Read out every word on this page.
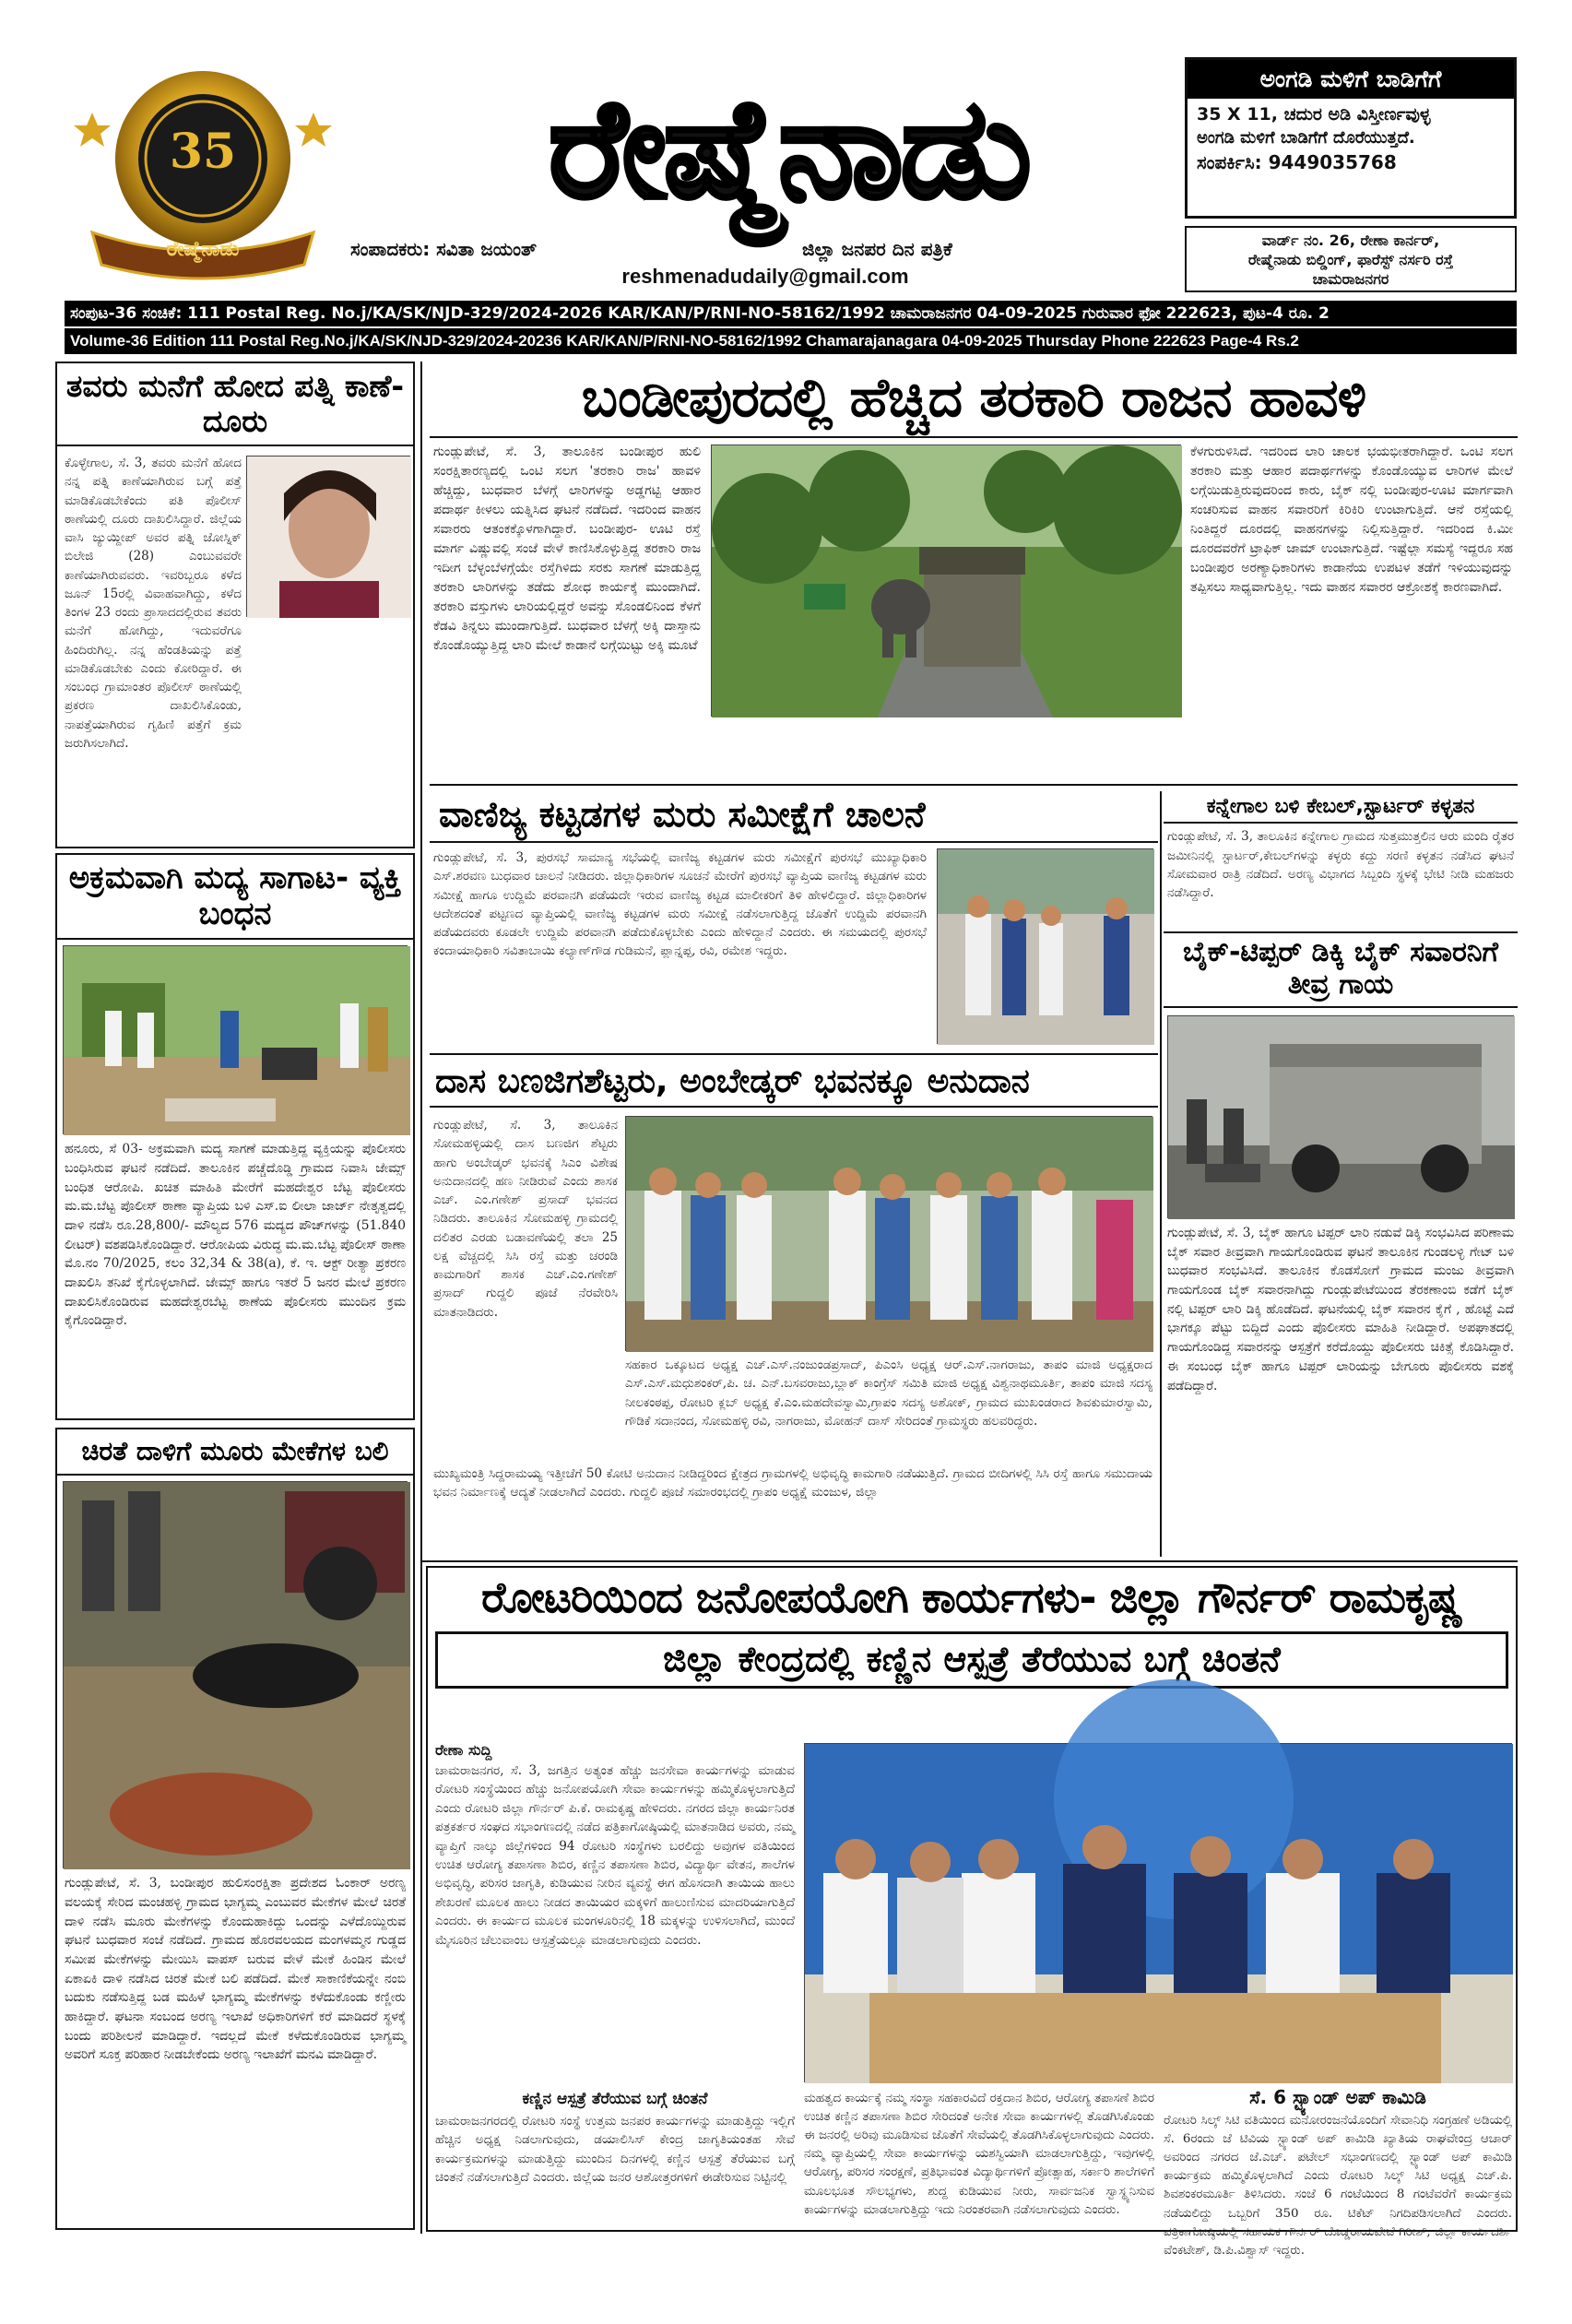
35
ರೇಷ್ಮೆನಾಡು
ರೇಷ್ಮೆನಾಡು
ಸಂಪಾದಕರು: ಸವಿತಾ ಜಯಂತ್	ಜಿಲ್ಲಾ ಜನಪರ ದಿನ ಪತ್ರಿಕೆ
reshmenadudaily@gmail.com
ಅಂಗಡಿ ಮಳಿಗೆ ಬಾಡಿಗೆಗೆ
35 X 11, ಚದುರ ಅಡಿ ವಿಸ್ತೀರ್ಣವುಳ್ಳ
ಅಂಗಡಿ ಮಳಿಗೆ ಬಾಡಿಗೆಗೆ ದೊರೆಯುತ್ತದೆ.
ಸಂಪರ್ಕಿಸಿ: 9449035768
ವಾರ್ಡ್ ನಂ. 26, ರೇಣಾ ಕಾರ್ನರ್,
ರೇಷ್ಮೆನಾಡು ಬಿಲ್ಡಿಂಗ್, ಫಾರೆಸ್ಟ್ ನರ್ಸರಿ ರಸ್ತೆ
ಚಾಮರಾಜನಗರ
ಸಂಪುಟ-36 ಸಂಚಿಕೆ: 111 Postal Reg. No.j/KA/SK/NJD-329/2024-2026 KAR/KAN/P/RNI-NO-58162/1992 ಚಾಮರಾಜನಗರ 04-09-2025 ಗುರುವಾರ ಫೋ 222623, ಪುಟ-4 ರೂ. 2
Volume-36 Edition 111 Postal Reg.No.j/KA/SK/NJD-329/2024-20236 KAR/KAN/P/RNI-NO-58162/1992 Chamarajanagara 04-09-2025 Thursday Phone 222623 Page-4 Rs.2
ತವರು ಮನೆಗೆ ಹೋದ ಪತ್ನಿ ಕಾಣೆ-ದೂರು
ಕೊಳ್ಳೇಗಾಲ, ಸೆ. 3, ತವರು ಮನೆಗೆ ಹೋದ ನನ್ನ ಪತ್ನಿ ಕಾಣೆಯಾಗಿರುವ ಬಗ್ಗೆ ಪತ್ತೆ ಮಾಡಿಕೊಡಬೇಕೆಂದು ಪತಿ ಪೊಲೀಸ್ ಠಾಣೆಯಲ್ಲಿ ದೂರು ದಾಖಲಿಸಿದ್ದಾರೆ. ಜಿಲ್ಲೆಯ ವಾಸಿ ಜ್ಯುಯ್ದೀಪ್ ಅವರ ಪತ್ನಿ ಜೋಸ್ನಿಕ್ ಬಿಲೇಜಿ (28) ಎಂಬುವವರೇ ಕಾಣೆಯಾಗಿರುವವರು. ಇವರಿಬ್ಬರೂ ಕಳೆದ ಜೂನ್ 15ರಲ್ಲಿ ವಿವಾಹವಾಗಿದ್ದು, ಕಳೆದ ತಿಂಗಳ 23 ರಂದು ಪ್ರಾಸಾದದಲ್ಲಿರುವ ತವರು ಮನೆಗೆ ಹೋಗಿದ್ದು, ಇದುವರೆಗೂ ಹಿಂದಿರುಗಿಲ್ಲ. ನನ್ನ ಹೆಂಡತಿಯನ್ನು ಪತ್ತೆ ಮಾಡಿಕೊಡಬೇಕು ಎಂದು ಕೋರಿದ್ದಾರೆ. ಈ ಸಂಬಂಧ ಗ್ರಾಮಾಂತರ ಪೊಲೀಸ್ ಠಾಣೆಯಲ್ಲಿ ಪ್ರಕರಣ ದಾಖಲಿಸಿಕೊಂಡು, ನಾಪತ್ತೆಯಾಗಿರುವ ಗೃಹಿಣಿ ಪತ್ತೆಗೆ ಕ್ರಮ ಜರುಗಿಸಲಾಗಿದೆ.
ಅಕ್ರಮವಾಗಿ ಮದ್ಯ ಸಾಗಾಟ- ವ್ಯಕ್ತಿ ಬಂಧನ
ಹನೂರು, ಸೆ 03- ಅಕ್ರಮವಾಗಿ ಮದ್ಯ ಸಾಗಣೆ ಮಾಡುತ್ತಿದ್ದ ವ್ಯಕ್ತಿಯನ್ನು ಪೊಲೀಸರು ಬಂಧಿಸಿರುವ ಘಟನೆ ನಡೆದಿದೆ. ತಾಲೂಕಿನ ಪಚ್ಚೆದೊಡ್ಡಿ ಗ್ರಾಮದ ನಿವಾಸಿ ಜೇಮ್ಸ್ ಬಂಧಿತ ಆರೋಪಿ. ಖಚಿತ ಮಾಹಿತಿ ಮೇರೆಗೆ ಮಹದೇಶ್ವರ ಬೆಟ್ಟ ಪೊಲೀಸರು ಮ.ಮ.ಬೆಟ್ಟ ಪೊಲೀಸ್ ಠಾಣಾ ವ್ಯಾಪ್ತಿಯ ಬಳಿ ಎಸ್.ಐ ಲೀಲಾ ಜಾರ್ಜ್ ನೇತೃತ್ವದಲ್ಲಿ ದಾಳಿ ನಡೆಸಿ ರೂ.28,800/- ಮೌಲ್ಯದ 576 ಮದ್ಯದ ಪೌಚ್‌ಗಳನ್ನು (51.840 ಲೀಟರ್) ವಶಪಡಿಸಿಕೊಂಡಿದ್ದಾರೆ. ಆರೋಪಿಯ ವಿರುದ್ಧ ಮ.ಮ.ಬೆಟ್ಟ ಪೊಲೀಸ್ ಠಾಣಾ ಮೊ.ನಂ 70/2025, ಕಲಂ 32,34 & 38(a), ಕೆ. ಇ. ಆಕ್ಟ್ ರೀತ್ಯಾ ಪ್ರಕರಣ ದಾಖಲಿಸಿ ತನಿಖೆ ಕೈಗೊಳ್ಳಲಾಗಿದೆ. ಜೇಮ್ಸ್ ಹಾಗೂ ಇತರೆ 5 ಜನರ ಮೇಲೆ ಪ್ರಕರಣ ದಾಖಲಿಸಿಕೊಂಡಿರುವ ಮಹದೇಶ್ವರಬೆಟ್ಟ ಠಾಣೆಯ ಪೊಲೀಸರು ಮುಂದಿನ ಕ್ರಮ ಕೈಗೊಂಡಿದ್ದಾರೆ.
ಚಿರತೆ ದಾಳಿಗೆ ಮೂರು ಮೇಕೆಗಳ ಬಲಿ
ಗುಂಡ್ಲುಪೇಟೆ, ಸೆ. 3, ಬಂಡೀಪುರ ಹುಲಿಸಂರಕ್ಷಿತಾ ಪ್ರದೇಶದ ಓಂಕಾರ್ ಅರಣ್ಯ ವಲಯಕ್ಕೆ ಸೇರಿದ ಮಂಚಹಳ್ಳಿ ಗ್ರಾಮದ ಭಾಗ್ಯಮ್ಮ ಎಂಬುವರ ಮೇಕೆಗಳ ಮೇಲೆ ಚಿರತೆ ದಾಳಿ ನಡೆಸಿ ಮೂರು ಮೇಕೆಗಳನ್ನು ಕೊಂದುಹಾಕಿದ್ದು ಒಂದನ್ನು ಎಳೆದೊಯ್ದಿರುವ ಘಟನೆ ಬುಧವಾರ ಸಂಜೆ ನಡೆದಿದೆ. ಗ್ರಾಮದ ಹೊರವಲಯದ ಮಂಗಳಮ್ಮನ ಗುಡ್ಡದ ಸಮೀಪ ಮೇಕೆಗಳನ್ನು ಮೇಯಿಸಿ ವಾಪಸ್ ಬರುವ ವೇಳೆ ಮೇಕೆ ಹಿಂಡಿನ ಮೇಲೆ ಏಕಾಏಕಿ ದಾಳಿ ನಡೆಸಿದ ಚಿರತೆ ಮೇಕೆ ಬಲಿ ಪಡೆದಿದೆ. ಮೇಕೆ ಸಾಕಾಣಿಕೆಯನ್ನೇ ನಂಬಿ ಬದುಕು ನಡೆಸುತ್ತಿದ್ದ ಬಡ ಮಹಿಳೆ ಭಾಗ್ಯಮ್ಮ ಮೇಕೆಗಳನ್ನು ಕಳೆದುಕೊಂಡು ಕಣ್ಣೀರು ಹಾಕಿದ್ದಾರೆ. ಘಟನಾ ಸಂಬಂದ ಅರಣ್ಯ ಇಲಾಖೆ ಅಧಿಕಾರಿಗಳಿಗೆ ಕರೆ ಮಾಡಿದರೆ ಸ್ಥಳಕ್ಕೆ ಬಂದು ಪರಿಶೀಲನೆ ಮಾಡಿದ್ದಾರೆ. ಇದಲ್ಲದೆ ಮೇಕೆ ಕಳೆದುಕೊಂಡಿರುವ ಭಾಗ್ಯಮ್ಮ ಅವರಿಗೆ ಸೂಕ್ತ ಪರಿಹಾರ ನೀಡಬೇಕೆಂದು ಅರಣ್ಯ ಇಲಾಖೆಗೆ ಮನವಿ ಮಾಡಿದ್ದಾರೆ.
ಬಂಡೀಪುರದಲ್ಲಿ ಹೆಚ್ಚಿದ ತರಕಾರಿ ರಾಜನ ಹಾವಳಿ
ಗುಂಡ್ಲುಪೇಟೆ, ಸೆ. 3, ತಾಲೂಕಿನ ಬಂಡೀಪುರ ಹುಲಿ ಸಂರಕ್ಷಿತಾರಣ್ಯದಲ್ಲಿ ಒಂಟಿ ಸಲಗ 'ತರಕಾರಿ ರಾಜ' ಹಾವಳಿ ಹೆಚ್ಚಿದ್ದು, ಬುಧವಾರ ಬೆಳಗ್ಗೆ ಲಾರಿಗಳನ್ನು ಅಡ್ಡಗಟ್ಟಿ ಆಹಾರ ಪದಾರ್ಥ ಕೀಳಲು ಯತ್ನಿಸಿದ ಘಟನೆ ನಡೆದಿದೆ. ಇದರಿಂದ ವಾಹನ ಸವಾರರು ಆತಂಕಕ್ಕೊಳಗಾಗಿದ್ದಾರೆ. ಬಂಡೀಪುರ- ಊಟಿ ರಸ್ತೆ ಮಾರ್ಗ ವಿಷ್ಣುವಲ್ಲಿ ಸಂಜೆ ವೇಳೆ ಕಾಣಿಸಿಕೊಳ್ಳುತ್ತಿದ್ದ ತರಕಾರಿ ರಾಜ ಇದೀಗ ಬೆಳ್ಳಂಬೆಳಗ್ಗೆಯೇ ರಸ್ತೆಗಿಳಿದು ಸರಕು ಸಾಗಣೆ ಮಾಡುತ್ತಿದ್ದ ತರಕಾರಿ ಲಾರಿಗಳನ್ನು ತಡೆದು ಶೋಧ ಕಾರ್ಯಕ್ಕೆ ಮುಂದಾಗಿದೆ. ತರಕಾರಿ ವಸ್ತುಗಳು ಲಾರಿಯಲ್ಲಿದ್ದರೆ ಅವನ್ನು ಸೊಂಡಲಿನಿಂದ ಕೆಳಗೆ ಕೆಡವಿ ತಿನ್ನಲು ಮುಂದಾಗುತ್ತಿದೆ. ಬುಧವಾರ ಬೆಳಗ್ಗೆ ಅಕ್ಕಿ ದಾಸ್ತಾನು ಕೊಂಡೊಯ್ಯುತ್ತಿದ್ದ ಲಾರಿ ಮೇಲೆ ಕಾಡಾನೆ ಲಗ್ಗೆಯಿಟ್ಟು ಅಕ್ಕಿ ಮೂಟೆ
ಕೆಳಗುರುಳಿಸಿದೆ. ಇದರಿಂದ ಲಾರಿ ಚಾಲಕ ಭಯಭೀತರಾಗಿದ್ದಾರೆ. ಒಂಟಿ ಸಲಗ ತರಕಾರಿ ಮತ್ತು ಆಹಾರ ಪದಾರ್ಥಗಳನ್ನು ಕೊಂಡೊಯ್ಯುವ ಲಾರಿಗಳ ಮೇಲೆ ಲಗ್ಗೆಯಿಡುತ್ತಿರುವುದರಿಂದ ಕಾರು, ಬೈಕ್ ನಲ್ಲಿ ಬಂಡೀಪುರ-ಊಟಿ ಮಾರ್ಗವಾಗಿ ಸಂಚರಿಸುವ ವಾಹನ ಸವಾರರಿಗೆ ಕಿರಿಕಿರಿ ಉಂಟಾಗುತ್ತಿದೆ. ಆನೆ ರಸ್ತೆಯಲ್ಲಿ ನಿಂತಿದ್ದರೆ ದೂರದಲ್ಲಿ ವಾಹನಗಳನ್ನು ನಿಲ್ಲಿಸುತ್ತಿದ್ದಾರೆ. ಇದರಿಂದ ಕಿ.ಮೀ ದೂರದವರೆಗೆ ಟ್ರಾಫಿಕ್ ಜಾಮ್ ಉಂಟಾಗುತ್ತಿದೆ. ಇಷ್ಟೆಲ್ಲಾ ಸಮಸ್ಯೆ ಇದ್ದರೂ ಸಹ ಬಂಡೀಪುರ ಅರಣ್ಯಾಧಿಕಾರಿಗಳು ಕಾಡಾನೆಯ ಉಪಟಳ ತಡೆಗೆ ಇಳಿಯುವುದನ್ನು ತಪ್ಪಿಸಲು ಸಾಧ್ಯವಾಗುತ್ತಿಲ್ಲ. ಇದು ವಾಹನ ಸವಾರರ ಆಕ್ರೋಶಕ್ಕೆ ಕಾರಣವಾಗಿದೆ.
ವಾಣಿಜ್ಯ ಕಟ್ಟಡಗಳ ಮರು ಸಮೀಕ್ಷೆಗೆ ಚಾಲನೆ
ಗುಂಡ್ಲುಪೇಟೆ, ಸೆ. 3, ಪುರಸಭೆ ಸಾಮಾನ್ಯ ಸಭೆಯಲ್ಲಿ ವಾಣಿಜ್ಯ ಕಟ್ಟಡಗಳ ಮರು ಸಮೀಕ್ಷೆಗೆ ಪುರಸಭೆ ಮುಖ್ಯಾಧಿಕಾರಿ ಎಸ್.ಶರವಣ ಬುಧವಾರ ಚಾಲನೆ ನೀಡಿದರು. ಜಿಲ್ಲಾಧಿಕಾರಿಗಳ ಸೂಚನೆ ಮೇರೆಗೆ ಪುರಸಭೆ ವ್ಯಾಪ್ತಿಯ ವಾಣಿಜ್ಯ ಕಟ್ಟಡಗಳ ಮರು ಸಮೀಕ್ಷೆ ಹಾಗೂ ಉದ್ದಿಮೆ ಪರವಾನಗಿ ಪಡೆಯದೇ ಇರುವ ವಾಣಿಜ್ಯ ಕಟ್ಟಡ ಮಾಲೀಕರಿಗೆ ತಿಳಿ ಹೇಳಲಿದ್ದಾರೆ. ಜಿಲ್ಲಾಧಿಕಾರಿಗಳ ಆದೇಶದಂತೆ ಪಟ್ಟಣದ ವ್ಯಾಪ್ತಿಯಲ್ಲಿ ವಾಣಿಜ್ಯ ಕಟ್ಟಡಗಳ ಮರು ಸಮೀಕ್ಷೆ ನಡೆಸಲಾಗುತ್ತಿದ್ದ ಜೊತೆಗೆ ಉದ್ದಿಮೆ ಪರವಾನಗಿ ಪಡೆಯದವರು ಕೂಡಲೇ ಉದ್ದಿಮೆ ಪರವಾನಗಿ ಪಡೆದುಕೊಳ್ಳಬೇಕು ಎಂದು ಹೇಳಿದ್ದಾನೆ ಎಂದರು. ಈ ಸಮಯದಲ್ಲಿ ಪುರಸಭೆ ಕಂದಾಯಾಧಿಕಾರಿ ಸವಿತಾಬಾಯಿ ಕಲ್ಯಾಣ್‌ಗೌಡ ಗುಡಿಮನೆ, ಪ್ಲಾನ್ನಪ್ಪ, ರವಿ, ರಮೇಶ ಇದ್ದರು.
ಕನ್ನೇಗಾಲ ಬಳಿ ಕೇಬಲ್,ಸ್ಟಾರ್ಟರ್ ಕಳ್ಳತನ
ಗುಂಡ್ಲುಪೇಟೆ, ಸೆ. 3, ತಾಲೂಕಿನ ಕನ್ನೇಗಾಲ ಗ್ರಾಮದ ಸುತ್ತಮುತ್ತಲಿನ ಆರು ಮಂದಿ ರೈತರ ಜಮೀನಿನಲ್ಲಿ ಸ್ಟಾರ್ಟರ್,ಕೇಬಲ್‌ಗಳನ್ನು ಕಳ್ಳರು ಕದ್ದು ಸರಣಿ ಕಳ್ಳತನ ನಡೆಸಿದ ಘಟನೆ ಸೋಮವಾರ ರಾತ್ರಿ ನಡೆದಿದೆ. ಅರಣ್ಯ ವಿಭಾಗದ ಸಿಬ್ಬಂದಿ ಸ್ಥಳಕ್ಕೆ ಭೇಟಿ ನೀಡಿ ಮಹಜರು ನಡೆಸಿದ್ದಾರೆ.
ಬೈಕ್-ಟಿಪ್ಪರ್ ಡಿಕ್ಕಿ ಬೈಕ್ ಸವಾರನಿಗೆ ತೀವ್ರ ಗಾಯ
ಗುಂಡ್ಲುಪೇಟೆ, ಸೆ. 3, ಬೈಕ್ ಹಾಗೂ ಟಿಪ್ಪರ್ ಲಾರಿ ನಡುವೆ ಡಿಕ್ಕಿ ಸಂಭವಿಸಿದ ಪರಿಣಾಮ ಬೈಕ್ ಸವಾರ ತೀವ್ರವಾಗಿ ಗಾಯಗೊಂಡಿರುವ ಘಟನೆ ತಾಲೂಕಿನ ಗುಂಡಲಳ್ಳಿ ಗೇಟ್ ಬಳಿ ಬುಧವಾರ ಸಂಭವಿಸಿದೆ. ತಾಲೂಕಿನ ಕೊಡಸೋಗೆ ಗ್ರಾಮದ ಮಂಜು ತೀವ್ರವಾಗಿ ಗಾಯಗೊಂಡ ಬೈಕ್ ಸವಾರನಾಗಿದ್ದು ಗುಂಡ್ಲುಪೇಟೆಯಿಂದ ತೆರಕಣಾಂಬಿ ಕಡೆಗೆ ಬೈಕ್ ನಲ್ಲಿ ಟಿಪ್ಪರ್ ಲಾರಿ ಡಿಕ್ಕಿ ಹೊಡೆದಿದೆ. ಘಟನೆಯಲ್ಲಿ ಬೈಕ್ ಸವಾರನ ಕೈಗೆ , ಹೊಟ್ಟೆ ಎದೆ ಭಾಗಕ್ಕೂ ಪೆಟ್ಟು ಬಿದ್ದಿದೆ ಎಂದು ಪೊಲೀಸರು ಮಾಹಿತಿ ನೀಡಿದ್ದಾರೆ. ಅಪಘಾತದಲ್ಲಿ ಗಾಯಗೊಂಡಿದ್ದ ಸವಾರನನ್ನು ಆಸ್ಪತ್ರೆಗೆ ಕರೆದೊಯ್ದು ಪೊಲೀಸರು ಚಿಕಿತ್ಸೆ ಕೊಡಿಸಿದ್ದಾರೆ. ಈ ಸಂಬಂಧ ಬೈಕ್ ಹಾಗೂ ಟಿಪ್ಪರ್ ಲಾರಿಯನ್ನು ಬೇಗೂರು ಪೊಲೀಸರು ವಶಕ್ಕೆ ಪಡೆದಿದ್ದಾರೆ.
ದಾಸ ಬಣಜಿಗಶೆಟ್ಟರು, ಅಂಬೇಡ್ಕರ್ ಭವನಕ್ಕೂ ಅನುದಾನ
ಗುಂಡ್ಲುಪೇಟೆ, ಸೆ. 3, ತಾಲೂಕಿನ ಸೋಮಹಳ್ಳಿಯಲ್ಲಿ ದಾಸ ಬಣಜಿಗ ಶೆಟ್ಟರು ಹಾಗು ಅಂಬೇಡ್ಕರ್ ಭವನಕ್ಕೆ ಸಿಎಂ ವಿಶೇಷ ಅನುದಾನದಲ್ಲಿ ಹಣ ನೀಡಿರುವೆ ಎಂದು ಶಾಸಕ ಎಚ್. ಎಂ.ಗಣೇಶ್ ಪ್ರಸಾದ್ ಭವನದ ನಿಡಿದರು. ತಾಲೂಕಿನ ಸೋಮಹಳ್ಳಿ ಗ್ರಾಮದಲ್ಲಿ ದಲಿತರ ಎರಡು ಬಡಾವಣೆಯಲ್ಲಿ ತಲಾ 25 ಲಕ್ಷ ವೆಚ್ಚದಲ್ಲಿ ಸಿಸಿ ರಸ್ತೆ ಮತ್ತು ಚರಂಡಿ ಕಾಮಗಾರಿಗೆ ಶಾಸಕ ಎಚ್.ಎಂ.ಗಣೇಶ್ ಪ್ರಸಾದ್ ಗುದ್ದಲಿ ಪೂಜೆ ನೆರವೇರಿಸಿ ಮಾತನಾಡಿದರು.
ಸಹಕಾರ ಒಕ್ಕೂಟದ ಅಧ್ಯಕ್ಷ ಎಚ್.ಎಸ್.ನಂಜುಂಡಪ್ರಸಾದ್, ಪಿಎಂಸಿ ಅಧ್ಯಕ್ಷ ಆರ್.ಎಸ್.ನಾಗರಾಜು, ತಾಪಂ ಮಾಜಿ ಅಧ್ಯಕ್ಷರಾದ ಎಸ್.ಎಸ್.ಮಧುಶಂಕರ್,ಪಿ. ಚ. ಎನ್.ಬಸವರಾಜು,ಬ್ಲಾಕ್ ಕಾಂಗ್ರೆಸ್ ಸಮಿತಿ ಮಾಜಿ ಅಧ್ಯಕ್ಷ ವಿಶ್ವನಾಥಮೂರ್ತಿ, ತಾಪಂ ಮಾಜಿ ಸದಸ್ಯ ನೀಲಕಂಠಪ್ಪ, ರೋಟರಿ ಕ್ಲಬ್ ಅಧ್ಯಕ್ಷ ಕೆ.ಎಂ.ಮಹದೇವಸ್ವಾಮಿ,ಗ್ರಾಪಂ ಸದಸ್ಯ ಅಶೋಕ್, ಗ್ರಾಮದ ಮುಖಂಡರಾದ ಶಿವಕುಮಾರಸ್ವಾಮಿ, ಗೌಡಿಕೆ ಸದಾನಂದ, ಸೋಮಹಳ್ಳಿ ರವಿ, ನಾಗರಾಜು, ಮೋಹನ್ ದಾಸ್ ಸೇರಿದಂತೆ ಗ್ರಾಮಸ್ಥರು ಹಲವರಿದ್ದರು.
ಮುಖ್ಯಮಂತ್ರಿ ಸಿದ್ದರಾಮಯ್ಯ ಇತ್ತೀಚೆಗೆ 50 ಕೋಟಿ ಅನುದಾನ ನೀಡಿದ್ದರಿಂದ ಕ್ಷೇತ್ರದ ಗ್ರಾಮಗಳಲ್ಲಿ ಅಭಿವೃದ್ಧಿ ಕಾಮಗಾರಿ ನಡೆಯುತ್ತಿದೆ. ಗ್ರಾಮದ ಬೀದಿಗಳಲ್ಲಿ ಸಿಸಿ ರಸ್ತೆ ಹಾಗೂ ಸಮುದಾಯ ಭವನ ನಿರ್ಮಾಣಕ್ಕೆ ಆದ್ಯತೆ ನೀಡಲಾಗಿದೆ ಎಂದರು. ಗುದ್ದಲಿ ಪೂಜೆ ಸಮಾರಂಭದಲ್ಲಿ ಗ್ರಾಪಂ ಅಧ್ಯಕ್ಷೆ ಮಂಜುಳ, ಜಿಲ್ಲಾ
ರೋಟರಿಯಿಂದ ಜನೋಪಯೋಗಿ ಕಾರ್ಯಗಳು- ಜಿಲ್ಲಾ ಗೌರ್ನರ್ ರಾಮಕೃಷ್ಣ
ಜಿಲ್ಲಾ ಕೇಂದ್ರದಲ್ಲಿ ಕಣ್ಣಿನ ಆಸ್ಪತ್ರೆ ತೆರೆಯುವ ಬಗ್ಗೆ ಚಿಂತನೆ
ರೇಣಾ ಸುದ್ದಿ
ಚಾಮರಾಜನಗರ, ಸೆ. 3, ಜಗತ್ತಿನ ಅತ್ಯಂತ ಹೆಚ್ಚು ಜನಸೇವಾ ಕಾರ್ಯಗಳನ್ನು ಮಾಡುವ ರೋಟರಿ ಸಂಸ್ಥೆಯಿಂದ ಹೆಚ್ಚು ಜನೋಪಯೋಗಿ ಸೇವಾ ಕಾರ್ಯಗಳನ್ನು ಹಮ್ಮಿಕೊಳ್ಳಲಾಗುತ್ತಿದೆ ಎಂದು ರೋಟರಿ ಜಿಲ್ಲಾ ಗೌರ್ನರ್ ಪಿ.ಕೆ. ರಾಮಕೃಷ್ಣ ಹೇಳಿದರು. ನಗರದ ಜಿಲ್ಲಾ ಕಾರ್ಯನಿರತ ಪತ್ರಕರ್ತರ ಸಂಘದ ಸಭಾಂಗಣದಲ್ಲಿ ನಡೆದ ಪತ್ರಿಕಾಗೋಷ್ಠಿಯಲ್ಲಿ ಮಾತನಾಡಿದ ಅವರು, ನಮ್ಮ ವ್ಯಾಪ್ತಿಗೆ ನಾಲ್ಕು ಜಿಲ್ಲೆಗಳಿಂದ 94 ರೋಟರಿ ಸಂಸ್ಥೆಗಳು ಬರಲಿದ್ದು ಅವುಗಳ ವತಿಯಿಂದ ಉಚಿತ ಆರೋಗ್ಯ ತಪಾಸಣಾ ಶಿಬಿರ, ಕಣ್ಣಿನ ತಪಾಸಣಾ ಶಿಬಿರ, ವಿದ್ಯಾರ್ಥಿ ವೇತನ, ಶಾಲೆಗಳ ಅಭಿವೃದ್ಧಿ, ಪರಿಸರ ಜಾಗೃತಿ, ಕುಡಿಯುವ ನೀರಿನ ವ್ಯವಸ್ಥೆ ಈಗ ಹೊಸದಾಗಿ ತಾಯಿಯ ಹಾಲು ಶೇಖರಣೆ ಮೂಲಕ ಹಾಲು ನೀಡದ ತಾಯಿಯರ ಮಕ್ಕಳಿಗೆ ಹಾಲುಣಿಸುವ ಮಾದರಿಯಾಗುತ್ತಿದೆ ಎಂದರು. ಈ ಕಾರ್ಯದ ಮೂಲಕ ಮಂಗಳೂರಿನಲ್ಲಿ 18 ಮಕ್ಕಳನ್ನು ಉಳಿಸಲಾಗಿದೆ, ಮುಂದೆ ಮೈಸೂರಿನ ಚೆಲುವಾಂಬ ಆಸ್ಪತ್ರೆಯಲ್ಲೂ ಮಾಡಲಾಗುವುದು ಎಂದರು.
ಕಣ್ಣಿನ ಆಸ್ಪತ್ರೆ ತೆರೆಯುವ ಬಗ್ಗೆ ಚಿಂತನೆ
ಚಾಮರಾಜನಗರದಲ್ಲಿ ರೋಟರಿ ಸಂಸ್ಥೆ ಉತ್ತಮ ಜನಪರ ಕಾರ್ಯಗಳನ್ನು ಮಾಡುತ್ತಿದ್ದು ಇಲ್ಲಿಗೆ ಹೆಚ್ಚಿನ ಅಧ್ಯಕ್ಷ ನಿಡಲಾಗುವುದು, ಡಯಾಲಿಸಿಸ್ ಕೇಂದ್ರ ಜಾಗೃತಿಯಂತಹ ಸೇವೆ ಕಾರ್ಯಕ್ರಮಗಳನ್ನು ಮಾಡುತ್ತಿದ್ದು ಮುಂದಿನ ದಿನಗಳಲ್ಲಿ ಕಣ್ಣಿನ ಆಸ್ಪತ್ರೆ ತೆರೆಯುವ ಬಗ್ಗೆ ಚಿಂತನೆ ನಡೆಸಲಾಗುತ್ತಿದೆ ಎಂದರು. ಜಿಲ್ಲೆಯ ಜನರ ಆಶೋತ್ತರಗಳಿಗೆ ಈಡೇರಿಸುವ ನಿಟ್ಟಿನಲ್ಲಿ
ಮಹತ್ವದ ಕಾರ್ಯಕ್ಕೆ ನಮ್ಮ ಸಂಸ್ಥಾ ಸಹಕಾರವಿದೆ ರಕ್ತದಾನ ಶಿಬಿರ, ಆರೋಗ್ಯ ತಪಾಸಣೆ ಶಿಬಿರ ಉಚಿತ ಕಣ್ಣಿನ ತಪಾಸಣಾ ಶಿಬಿರ ಸೇರಿದಂತೆ ಅನೇಕ ಸೇವಾ ಕಾರ್ಯಗಳಲ್ಲಿ ತೊಡಗಿಸಿಕೊಂಡು ಈ ಜನರಲ್ಲಿ ಅರಿವು ಮೂಡಿಸುವ ಜೊತೆಗೆ ಸೇವೆಯಲ್ಲಿ ತೊಡಗಿಸಿಕೊಳ್ಳಲಾಗುವುದು ಎಂದರು. ನಮ್ಮ ವ್ಯಾಪ್ತಿಯಲ್ಲಿ ಸೇವಾ ಕಾರ್ಯಗಳನ್ನು ಯಶಸ್ವಿಯಾಗಿ ಮಾಡಲಾಗುತ್ತಿದ್ದು, ಇವುಗಳಲ್ಲಿ ಆರೋಗ್ಯ, ಪರಿಸರ ಸಂರಕ್ಷಣೆ, ಪ್ರತಿಭಾವಂತ ವಿದ್ಯಾರ್ಥಿಗಳಿಗೆ ಪ್ರೋತ್ಸಾಹ, ಸರ್ಕಾರಿ ಶಾಲೆಗಳಿಗೆ ಮೂಲಭೂತ ಸೌಲಭ್ಯಗಳು, ಶುದ್ದ ಕುಡಿಯುವ ನೀರು, ಸಾರ್ವಜನಿಕ ಸ್ವಾಸ್ಥ್ಯನಿಸುವ ಕಾರ್ಯಗಳನ್ನು ಮಾಡಲಾಗುತ್ತಿದ್ದು ಇದು ನಿರಂತರವಾಗಿ ನಡೆಸಲಾಗುವುದು ಎಂದರು.
ಸೆ. 6 ಸ್ಟ್ಯಾಂಡ್ ಅಪ್ ಕಾಮಿಡಿ
ರೋಟರಿ ಸಿಲ್ಕ್ ಸಿಟಿ ವತಿಯಿಂದ ಮನೋರಂಜನೆಯೊಂದಿಗೆ ಸೇವಾನಿಧಿ ಸಂಗ್ರಹಣೆ ಅಡಿಯಲ್ಲಿ ಸೆ. 6ರಂದು ಜೆ ಟಿವಿಯ ಸ್ಟ್ಯಾಂಡ್ ಅಪ್ ಕಾಮಿಡಿ ಖ್ಯಾತಿಯ ರಾಘವೇಂದ್ರ ಆಚಾರ್ ಅವರಿಂದ ನಗರದ ಜೆ.ಎಚ್. ಪಟೇಲ್ ಸಭಾಂಗಣದಲ್ಲಿ ಸ್ಟ್ಯಾಂಡ್ ಅಪ್ ಕಾಮಿಡಿ ಕಾರ್ಯಕ್ರಮ ಹಮ್ಮಿಕೊಳ್ಳಲಾಗಿದೆ ಎಂದು ರೋಟರಿ ಸಿಲ್ಕ್ ಸಿಟಿ ಅಧ್ಯಕ್ಷ ಎಚ್.ಪಿ. ಶಿವಶಂಕರಮೂರ್ತಿ ತಿಳಿಸಿದರು. ಸಂಜೆ 6 ಗಂಟೆಯಿಂದ 8 ಗಂಟೆವರೆಗೆ ಕಾರ್ಯಕ್ರಮ ನಡೆಯಲಿದ್ದು ಒಬ್ಬರಿಗೆ 350 ರೂ. ಟಿಕೆಟ್ ನಿಗದಿಪಡಿಸಲಾಗಿದೆ ಎಂದರು. ಪತ್ರಿಕಾಗೋಷ್ಠಿಯಲ್ಲಿ ಸಹಾಯಕ ಗೌರ್ನರ್ ದೊಡ್ಡರಾಯಪೇಟೆ ಗಿರೀಶ್, ಜಿಲ್ಲಾ ಕಾರ್ಯದರ್ಶಿ ವೆಂಕಟೇಶ್, ಡಿ.ಪಿ.ವಿಶ್ವಾಸ್ ಇದ್ದರು.
